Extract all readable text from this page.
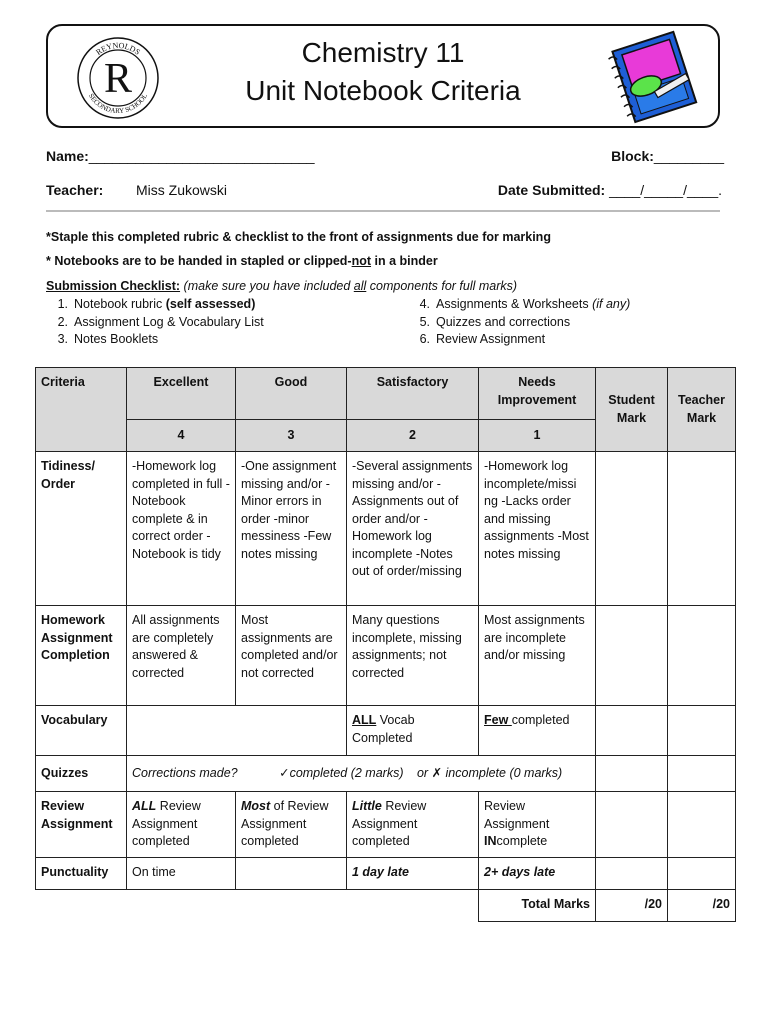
REYNOLDS
SECONDARY SCHOOL
R
Chemistry 11
Unit Notebook Criteria
Name:_____________________________	Block:_________
Teacher: Miss Zukowski	Date Submitted: ____/_____/____.
*Staple this completed rubric & checklist to the front of assignments due for marking
* Notebooks are to be handed in stapled or clipped-not in a binder
Submission Checklist: (make sure you have included all components for full marks)
1. Notebook rubric (self assessed)
2. Assignment Log & Vocabulary List
3. Notes Booklets
4. Assignments & Worksheets (if any)
5. Quizzes and corrections
6. Review Assignment
Criteria	Excellent	Good	Satisfactory	Needs Improvement	Student Mark	Teacher Mark
	4	3	2	1		
Tidiness/ Order	-Homework log completed in full -Notebook complete & in correct order -Notebook is tidy	-One assignment missing and/or -Minor errors in order -minor messiness -Few notes missing	-Several assignments missing and/or -Assignments out of order and/or -Homework log incomplete -Notes out of order/missing	-Homework log incomplete/missi ng -Lacks order and missing assignments -Most notes missing		
Homework Assignment Completion	All assignments are completely answered & corrected	Most assignments are completed and/or not corrected	Many questions incomplete, missing assignments; not corrected	Most assignments are incomplete and/or missing		
Vocabulary			ALL Vocab Completed	Few completed		
Quizzes	Corrections made? ✓completed (2 marks) or ✗ incomplete (0 marks)					
Review Assignment	ALL Review Assignment completed	Most of Review Assignment completed	Little Review Assignment completed	Review Assignment INcomplete		
Punctuality	On time		1 day late	2+ days late		
				Total Marks	/20	/20
